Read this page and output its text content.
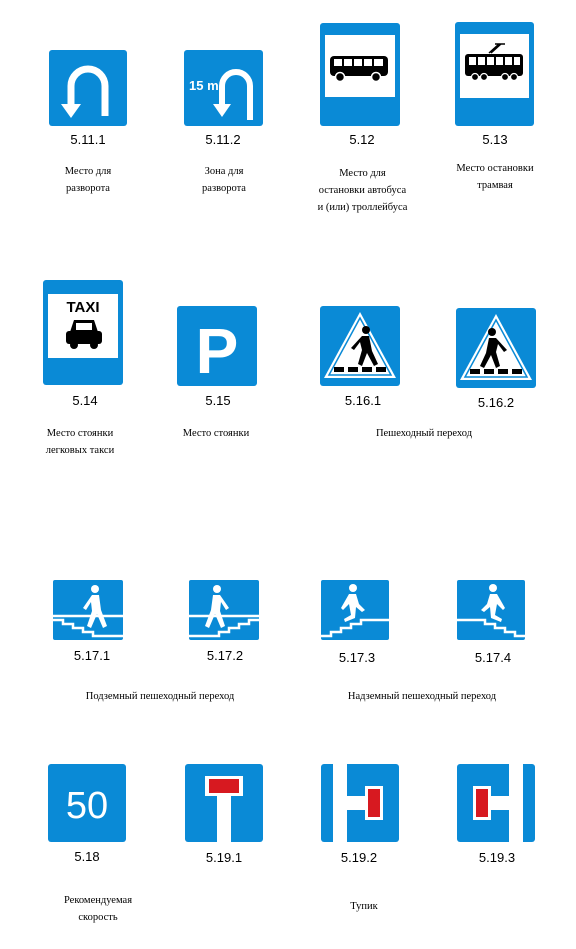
5.11.1
15 m
5.11.2	5.12	5.13
Место для
разворота
Зона для
разворота
Место для
остановки автобуса
и (или) троллейбуса
Место остановки
трамвая
TAXI
5.14
P
5.15	5.16.1	5.16.2
Место стоянки
легковых такси
Место стоянки	Пешеходный переход
5.17.1	5.17.2	5.17.3	5.17.4
Подземный пешеходный переход	Надземный пешеходный переход
50
5.18	5.19.1	5.19.2	5.19.3
Рекомендуемая
скорость
Тупик
